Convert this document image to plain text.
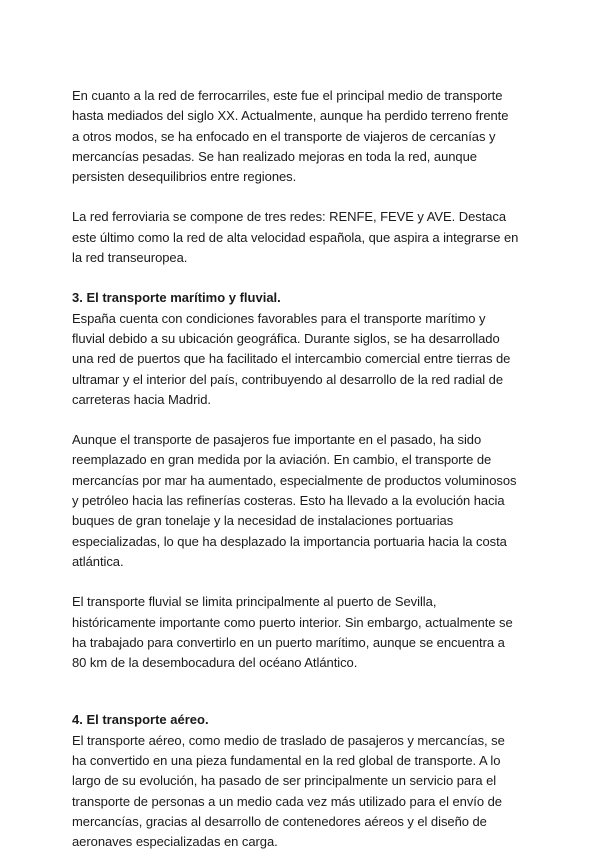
En cuanto a la red de ferrocarriles, este fue el principal medio de transporte
hasta mediados del siglo XX. Actualmente, aunque ha perdido terreno frente
a otros modos, se ha enfocado en el transporte de viajeros de cercanías y
mercancías pesadas. Se han realizado mejoras en toda la red, aunque
persisten desequilibrios entre regiones.

La red ferroviaria se compone de tres redes: RENFE, FEVE y AVE. Destaca
este último como la red de alta velocidad española, que aspira a integrarse en
la red transeuropea.

3. El transporte marítimo y fluvial.

España cuenta con condiciones favorables para el transporte marítimo y
fluvial debido a su ubicación geográfica. Durante siglos, se ha desarrollado
una red de puertos que ha facilitado el intercambio comercial entre tierras de
ultramar y el interior del país, contribuyendo al desarrollo de la red radial de
carreteras hacia Madrid.

Aunque el transporte de pasajeros fue importante en el pasado, ha sido
reemplazado en gran medida por la aviación. En cambio, el transporte de
mercancías por mar ha aumentado, especialmente de productos voluminosos
y petróleo hacia las refinerías costeras. Esto ha llevado a la evolución hacia
buques de gran tonelaje y la necesidad de instalaciones portuarias
especializadas, lo que ha desplazado la importancia portuaria hacia la costa
atlántica.

El transporte fluvial se limita principalmente al puerto de Sevilla,
históricamente importante como puerto interior. Sin embargo, actualmente se
ha trabajado para convertirlo en un puerto marítimo, aunque se encuentra a
80 km de la desembocadura del océano Atlántico.

4. El transporte aéreo.

El transporte aéreo, como medio de traslado de pasajeros y mercancías, se
ha convertido en una pieza fundamental en la red global de transporte. A lo
largo de su evolución, ha pasado de ser principalmente un servicio para el
transporte de personas a un medio cada vez más utilizado para el envío de
mercancías, gracias al desarrollo de contenedores aéreos y el diseño de
aeronaves especializadas en carga.
